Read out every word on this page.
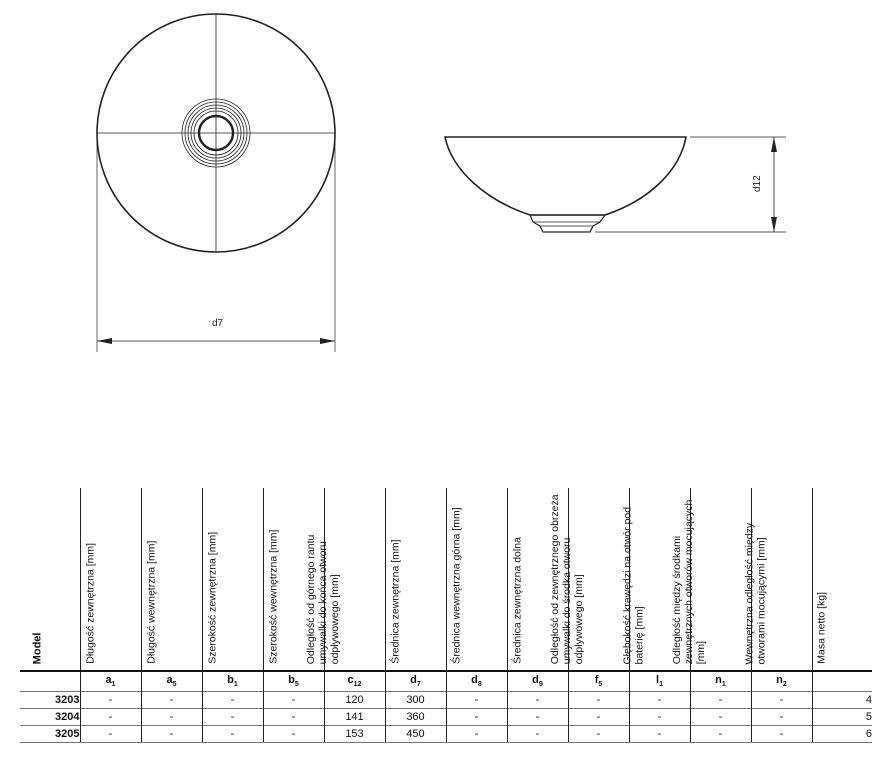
d7
d12
Model	Długość zewnętrzna [mm]	Długość wewnętrzna [mm]	Szerokość zewnętrzna [mm]	Szerokość wewnętrzna [mm]	Odległość od górnego rantu umywalki do końca otworu odpływowego [mm]	Średnica zewnętrzna [mm]	Średnica wewnętrzna górna [mm]	Średnica zewnętrzna dolna	Odległość od zewnętrznego obrzeża umywalki do środka otworu odpływowego [mm]	Głębokość krawędzi na otwór pod baterię [mm]	Odległość między środkami zewnętrznych otworów mocujących [mm]	Wewnętrzna odległość między otworami mocującymi [mm]	Masa netto [kg]

	$a_1$	$a_5$	$b_1$	$b_5$	$c_{12}$	$d_7$	$d_8$	$d_9$	$f_5$	$l_1$	$n_1$	$n_2$	
3203	-	-	-	-	120	300	-	-	-	-	-	-	4
3204	-	-	-	-	141	360	-	-	-	-	-	-	5
3205	-	-	-	-	153	450	-	-	-	-	-	-	6
